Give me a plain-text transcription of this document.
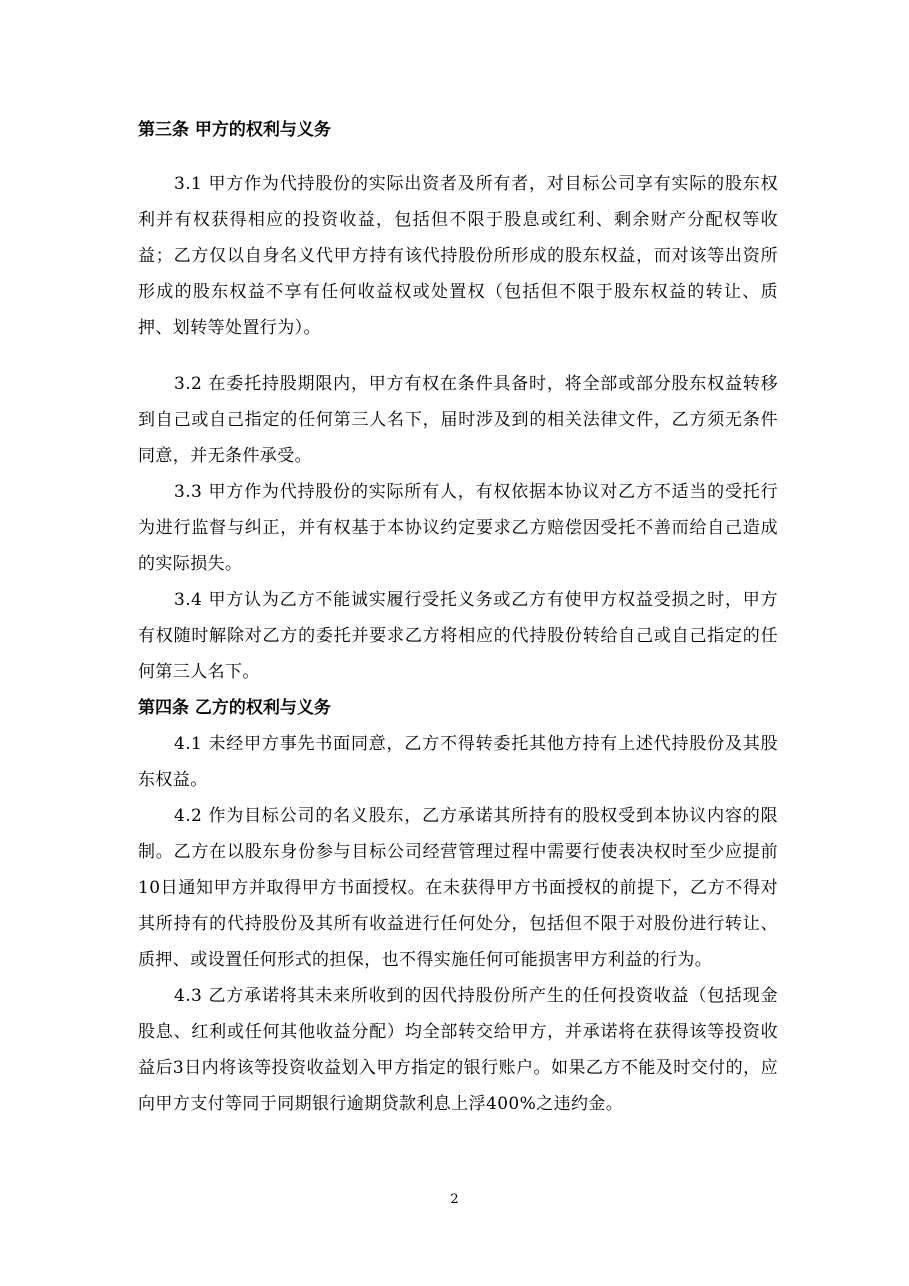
第三条 甲方的权利与义务

3.1 甲方作为代持股份的实际出资者及所有者，对目标公司享有实际的股东权利并有权获得相应的投资收益，包括但不限于股息或红利、剩余财产分配权等收益；乙方仅以自身名义代甲方持有该代持股份所形成的股东权益，而对该等出资所形成的股东权益不享有任何收益权或处置权（包括但不限于股东权益的转让、质押、划转等处置行为）。

3.2 在委托持股期限内，甲方有权在条件具备时，将全部或部分股东权益转移到自己或自己指定的任何第三人名下，届时涉及到的相关法律文件，乙方须无条件同意，并无条件承受。

3.3 甲方作为代持股份的实际所有人，有权依据本协议对乙方不适当的受托行为进行监督与纠正，并有权基于本协议约定要求乙方赔偿因受托不善而给自己造成的实际损失。

3.4 甲方认为乙方不能诚实履行受托义务或乙方有使甲方权益受损之时，甲方有权随时解除对乙方的委托并要求乙方将相应的代持股份转给自己或自己指定的任何第三人名下。

第四条 乙方的权利与义务

4.1 未经甲方事先书面同意，乙方不得转委托其他方持有上述代持股份及其股东权益。

4.2 作为目标公司的名义股东，乙方承诺其所持有的股权受到本协议内容的限制。乙方在以股东身份参与目标公司经营管理过程中需要行使表决权时至少应提前10日通知甲方并取得甲方书面授权。在未获得甲方书面授权的前提下，乙方不得对其所持有的代持股份及其所有收益进行任何处分，包括但不限于对股份进行转让、质押、或设置任何形式的担保，也不得实施任何可能损害甲方利益的行为。

4.3 乙方承诺将其未来所收到的因代持股份所产生的任何投资收益（包括现金股息、红利或任何其他收益分配）均全部转交给甲方，并承诺将在获得该等投资收益后3日内将该等投资收益划入甲方指定的银行账户。如果乙方不能及时交付的，应向甲方支付等同于同期银行逾期贷款利息上浮400%之违约金。

2
